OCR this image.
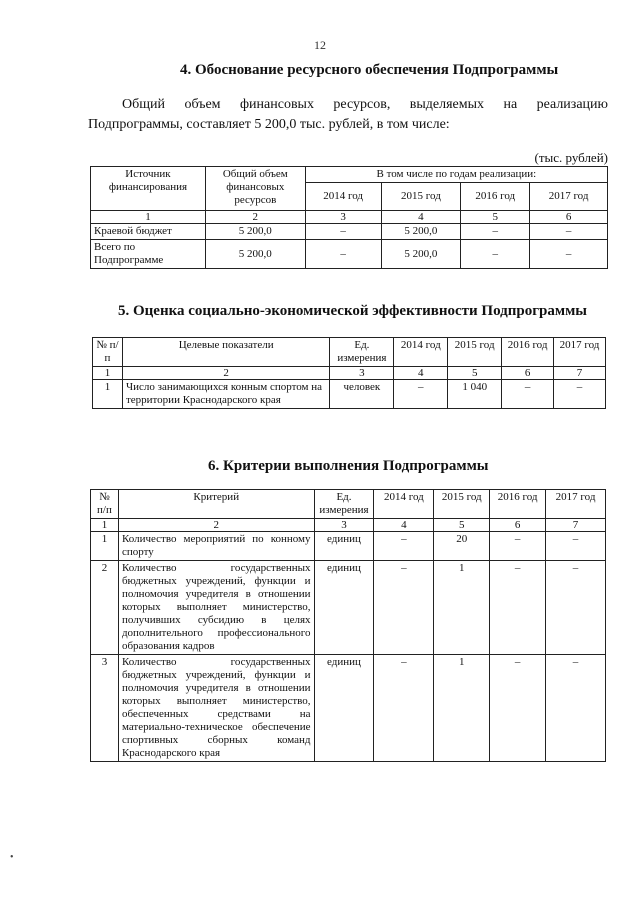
12
4. Обоснование ресурсного обеспечения Подпрограммы
Общий объем финансовых ресурсов, выделяемых на реализацию Подпрограммы, составляет 5 200,0 тыс. рублей, в том числе:
(тыс. рублей)
Источник финансирования	Общий объем финансовых ресурсов	В том числе по годам реализации:			
		2014 год	2015 год	2016 год	2017 год
1	2	3	4	5	6
Краевой бюджет	5 200,0	–	5 200,0	–	–
Всего по Подпрограмме	5 200,0	–	5 200,0	–	–
5. Оценка социально-экономической эффективности Подпрограммы
№ п/п	Целевые показатели	Ед. измерения	2014 год	2015 год	2016 год	2017 год
1	2	3	4	5	6	7
1	Число занимающихся конным спортом на территории Краснодарского края	человек	–	1 040	–	–
6. Критерии выполнения Подпрограммы
№ п/п	Критерий	Ед. измерения	2014 год	2015 год	2016 год	2017 год
1	2	3	4	5	6	7
1	Количество мероприятий по конному спорту	единиц	–	20	–	–
2	Количество государственных бюджетных учреждений, функции и полномочия учредителя в отношении которых выполняет министерство, получивших субсидию в целях дополнительного профессионального образования кадров	единиц	–	1	–	–
3	Количество государственных бюджетных учреждений, функции и полномочия учредителя в отношении которых выполняет министерство, обеспеченных средствами на материально-техническое обеспечение спортивных сборных команд Краснодарского края	единиц	–	1	–	–
•
